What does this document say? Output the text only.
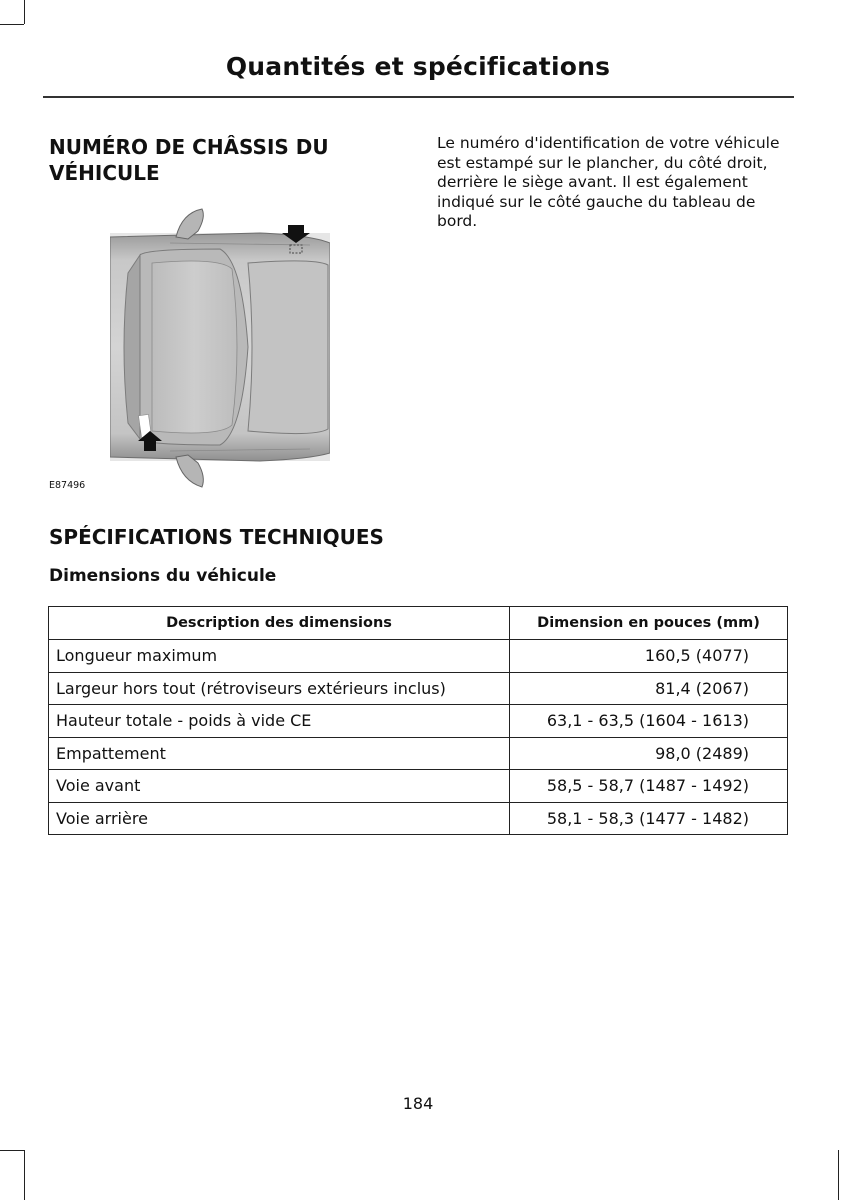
Quantités et spécifications
NUMÉRO DE CHÂSSIS DU
VÉHICULE
Le numéro d'identification de votre véhicule est estampé sur le plancher, du côté droit, derrière le siège avant. Il est également indiqué sur le côté gauche du tableau de bord.
E87496
SPÉCIFICATIONS TECHNIQUES
Dimensions du véhicule
Description des dimensions	Dimension en pouces (mm)
Longueur maximum	160,5 (4077)
Largeur hors tout (rétroviseurs extérieurs inclus)	81,4 (2067)
Hauteur totale - poids à vide CE	63,1 - 63,5 (1604 - 1613)
Empattement	98,0 (2489)
Voie avant	58,5 - 58,7 (1487 - 1492)
Voie arrière	58,1 - 58,3 (1477 - 1482)
184
